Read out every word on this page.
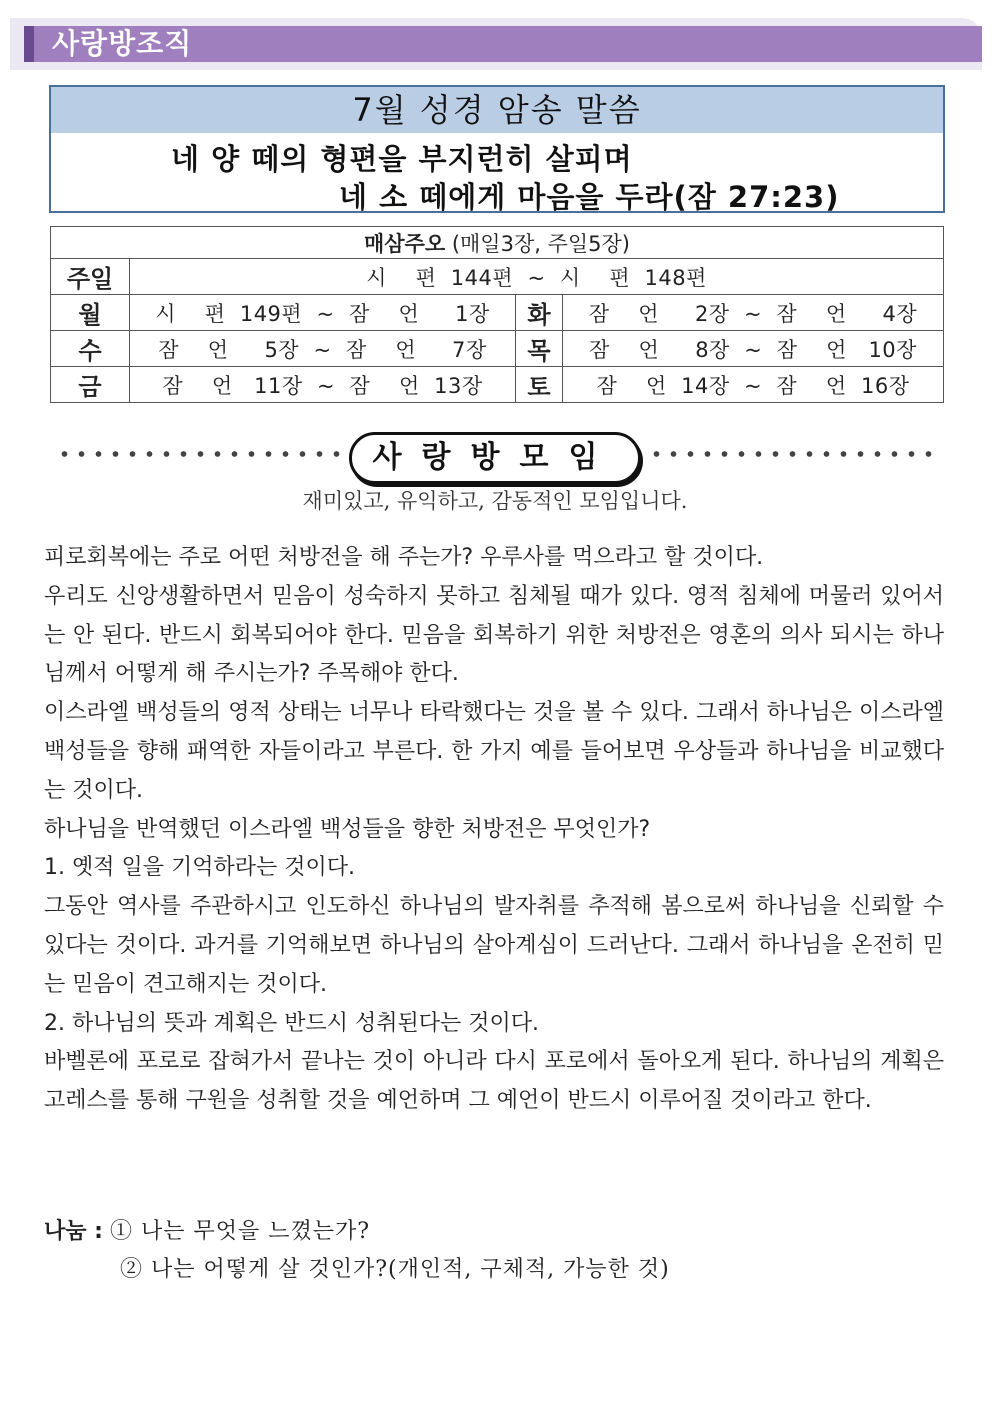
사랑방조직
7월 성경 암송 말씀
네 양 떼의 형편을 부지런히 살피며
네 소 떼에게 마음을 두라(잠 27:23)
매삼주오 (매일3장, 주일5장)			
주일	시    편  144편  ~  시    편  148편		
월	시    편  149편  ~  잠    언     1장	화	잠    언     2장  ~  잠    언     4장
수	잠    언     5장  ~  잠    언     7장	목	잠    언     8장  ~  잠    언   10장
금	잠    언   11장  ~  잠    언  13장	토	잠    언  14장  ~  잠    언  16장
사랑방모임
재미있고, 유익하고, 감동적인 모임입니다.

피로회복에는 주로 어떤 처방전을 해 주는가? 우루사를 먹으라고 할 것이다.

우리도 신앙생활하면서 믿음이 성숙하지 못하고 침체될 때가 있다. 영적 침체에 머물러 있어서는 안 된다. 반드시 회복되어야 한다. 믿음을 회복하기 위한 처방전은 영혼의 의사 되시는 하나님께서 어떻게 해 주시는가? 주목해야 한다.

이스라엘 백성들의 영적 상태는 너무나 타락했다는 것을 볼 수 있다. 그래서 하나님은 이스라엘 백성들을 향해 패역한 자들이라고 부른다. 한 가지 예를 들어보면 우상들과 하나님을 비교했다는 것이다.

하나님을 반역했던 이스라엘 백성들을 향한 처방전은 무엇인가?

1. 옛적 일을 기억하라는 것이다.

그동안 역사를 주관하시고 인도하신 하나님의 발자취를 추적해 봄으로써 하나님을 신뢰할 수 있다는 것이다. 과거를 기억해보면 하나님의 살아계심이 드러난다. 그래서 하나님을 온전히 믿는 믿음이 견고해지는 것이다.

2. 하나님의 뜻과 계획은 반드시 성취된다는 것이다.

바벨론에 포로로 잡혀가서 끝나는 것이 아니라 다시 포로에서 돌아오게 된다. 하나님의 계획은 고레스를 통해 구원을 성취할 것을 예언하며 그 예언이 반드시 이루어질 것이라고 한다.

나눔 : ① 나는 무엇을 느꼈는가?
② 나는 어떻게 살 것인가?(개인적, 구체적, 가능한 것)
